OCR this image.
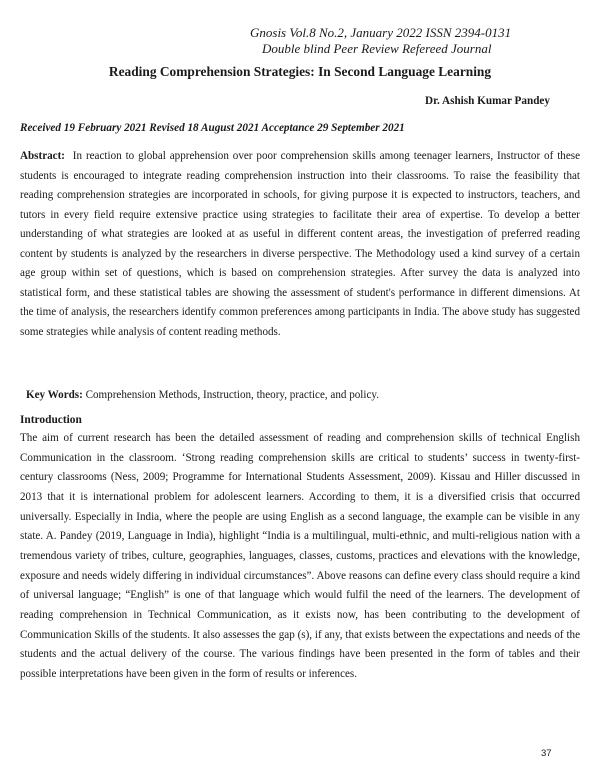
Gnosis Vol.8 No.2, January 2022 ISSN 2394-0131
Double blind Peer Review Refereed Journal
Reading Comprehension Strategies: In Second Language Learning
Dr. Ashish Kumar Pandey
Received 19 February 2021 Revised 18 August 2021 Acceptance 29 September 2021
Abstract: In reaction to global apprehension over poor comprehension skills among teenager learners, Instructor of these students is encouraged to integrate reading comprehension instruction into their classrooms. To raise the feasibility that reading comprehension strategies are incorporated in schools, for giving purpose it is expected to instructors, teachers, and tutors in every field require extensive practice using strategies to facilitate their area of expertise. To develop a better understanding of what strategies are looked at as useful in different content areas, the investigation of preferred reading content by students is analyzed by the researchers in diverse perspective. The Methodology used a kind survey of a certain age group within set of questions, which is based on comprehension strategies. After survey the data is analyzed into statistical form, and these statistical tables are showing the assessment of student's performance in different dimensions. At the time of analysis, the researchers identify common preferences among participants in India. The above study has suggested some strategies while analysis of content reading methods.
Key Words: Comprehension Methods, Instruction, theory, practice, and policy.
Introduction
The aim of current research has been the detailed assessment of reading and comprehension skills of technical English Communication in the classroom. ‘Strong reading comprehension skills are critical to students’ success in twenty-first-century classrooms (Ness, 2009; Programme for International Students Assessment, 2009). Kissau and Hiller discussed in 2013 that it is international problem for adolescent learners. According to them, it is a diversified crisis that occurred universally. Especially in India, where the people are using English as a second language, the example can be visible in any state. A. Pandey (2019, Language in India), highlight “India is a multilingual, multi-ethnic, and multi-religious nation with a tremendous variety of tribes, culture, geographies, languages, classes, customs, practices and elevations with the knowledge, exposure and needs widely differing in individual circumstances”. Above reasons can define every class should require a kind of universal language; “English” is one of that language which would fulfil the need of the learners. The development of reading comprehension in Technical Communication, as it exists now, has been contributing to the development of Communication Skills of the students. It also assesses the gap (s), if any, that exists between the expectations and needs of the students and the actual delivery of the course. The various findings have been presented in the form of tables and their possible interpretations have been given in the form of results or inferences.
37
